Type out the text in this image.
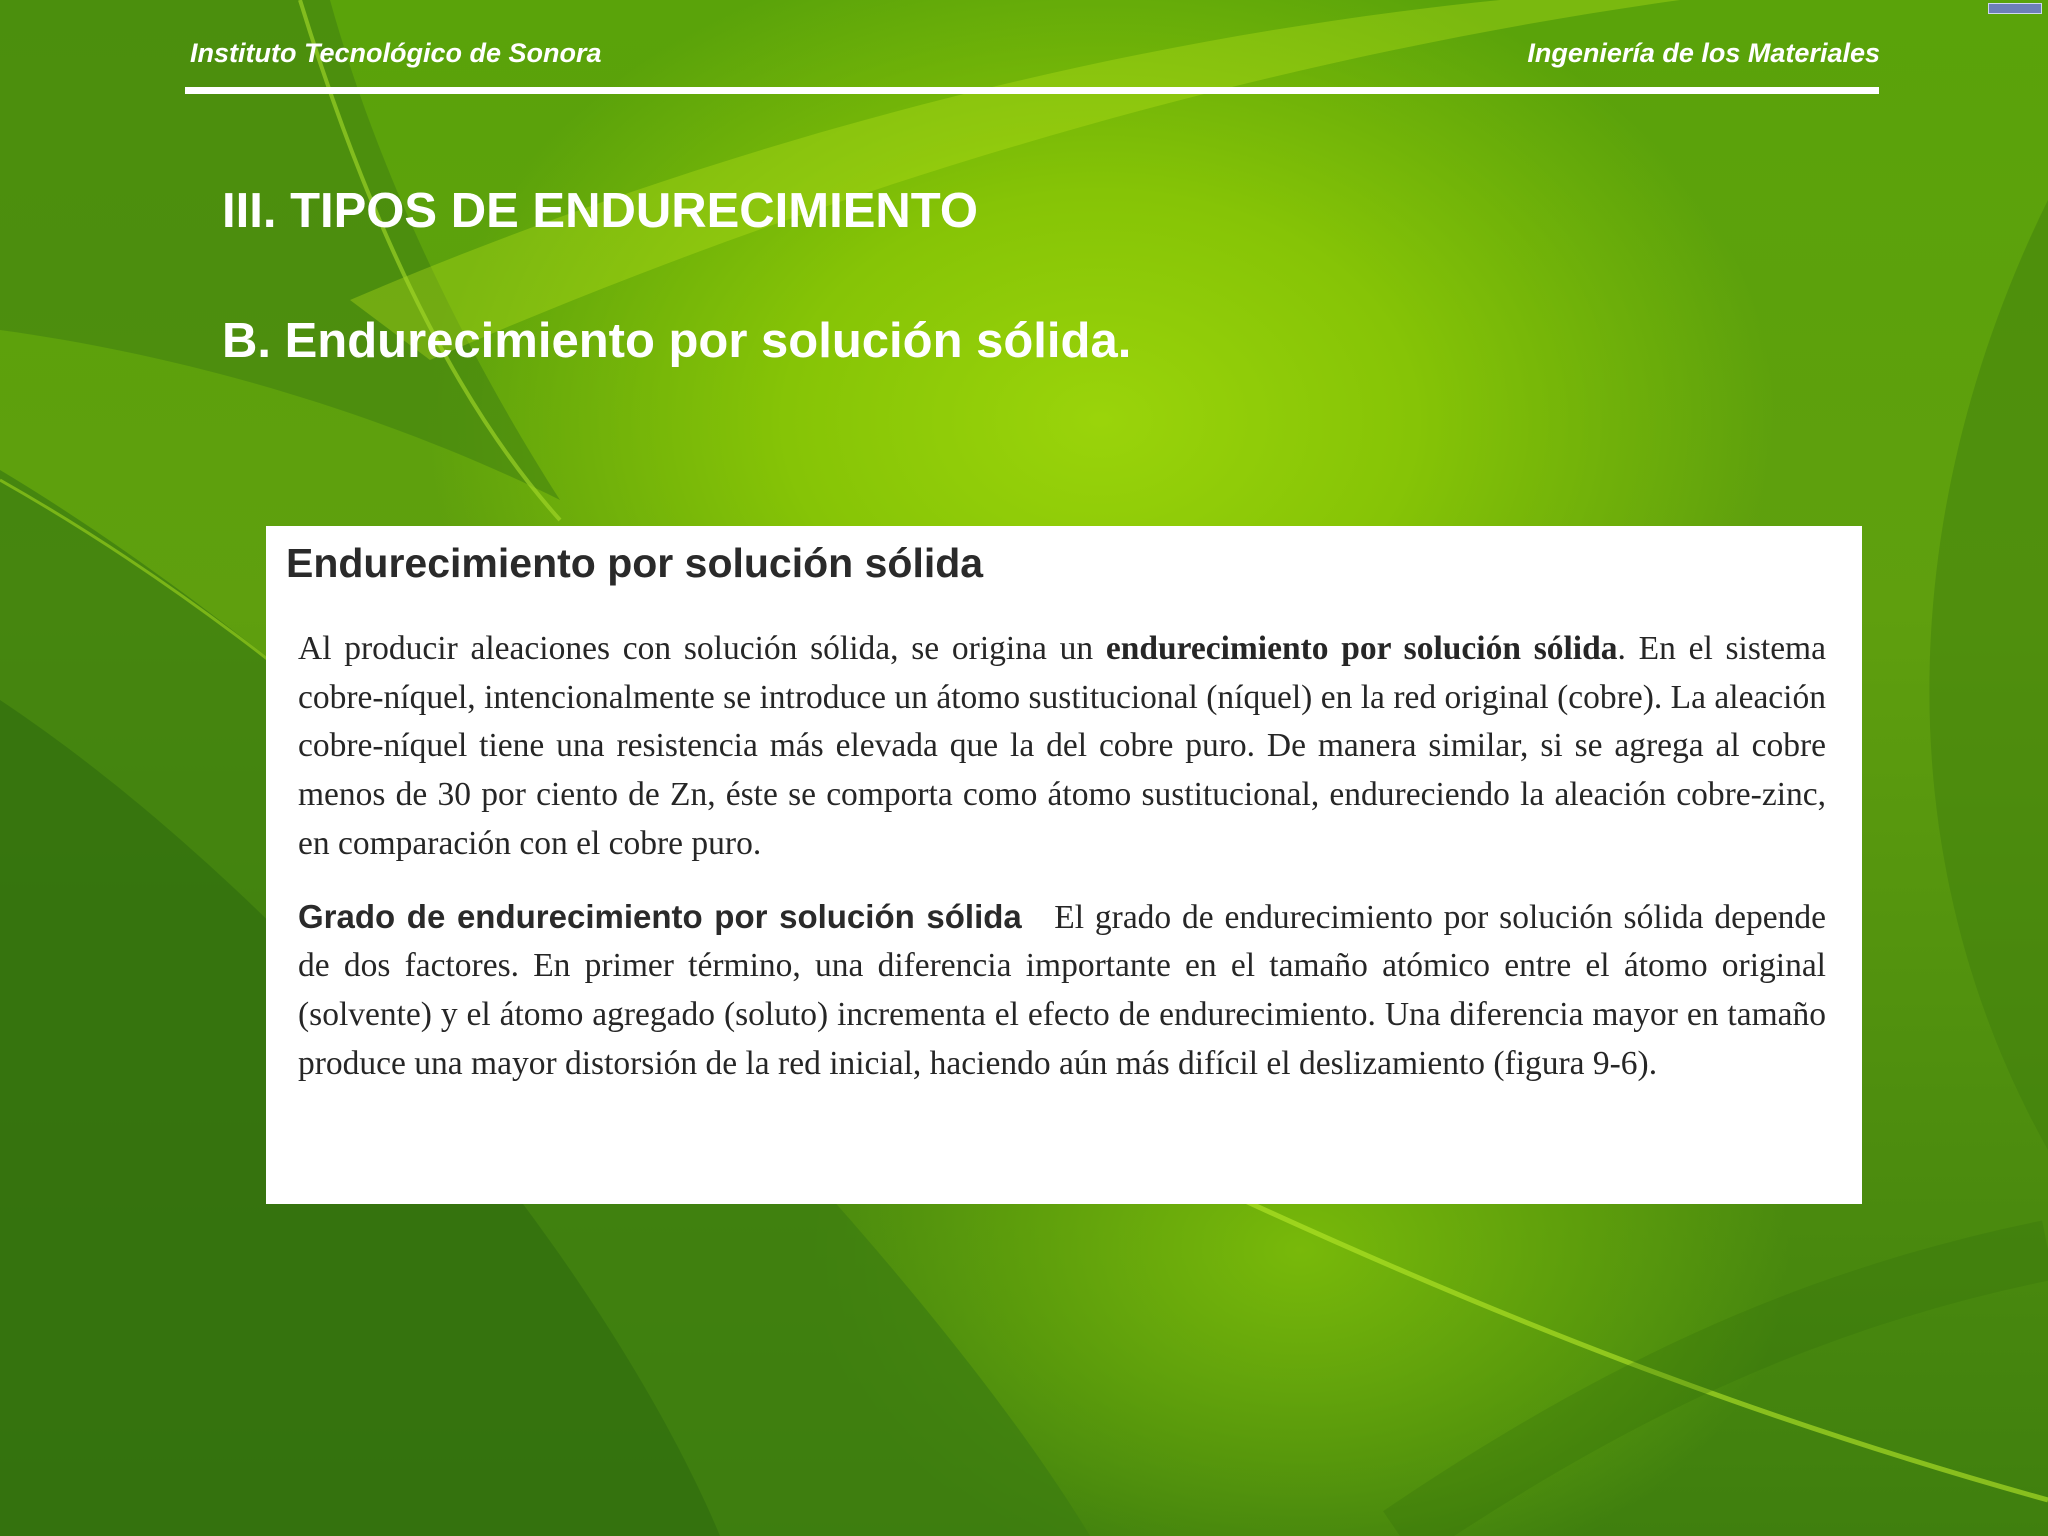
Instituto Tecnológico de Sonora	Ingeniería de los Materiales
III. TIPOS DE ENDURECIMIENTO
B. Endurecimiento por solución sólida.
Endurecimiento por solución sólida

Al producir aleaciones con solución sólida, se origina un endurecimiento por solución sólida. En el sistema cobre-níquel, intencionalmente se introduce un átomo sustitucional (níquel) en la red original (cobre). La aleación cobre-níquel tiene una resistencia más elevada que la del cobre puro. De manera similar, si se agrega al cobre menos de 30 por ciento de Zn, éste se comporta como átomo sustitucional, endureciendo la aleación cobre-zinc, en comparación con el cobre puro.

Grado de endurecimiento por solución sólida El grado de endurecimiento por solución sólida depende de dos factores. En primer término, una diferencia importante en el tamaño atómico entre el átomo original (solvente) y el átomo agregado (soluto) incrementa el efecto de endurecimiento. Una diferencia mayor en tamaño produce una mayor distorsión de la red inicial, haciendo aún más difícil el deslizamiento (figura 9-6).
